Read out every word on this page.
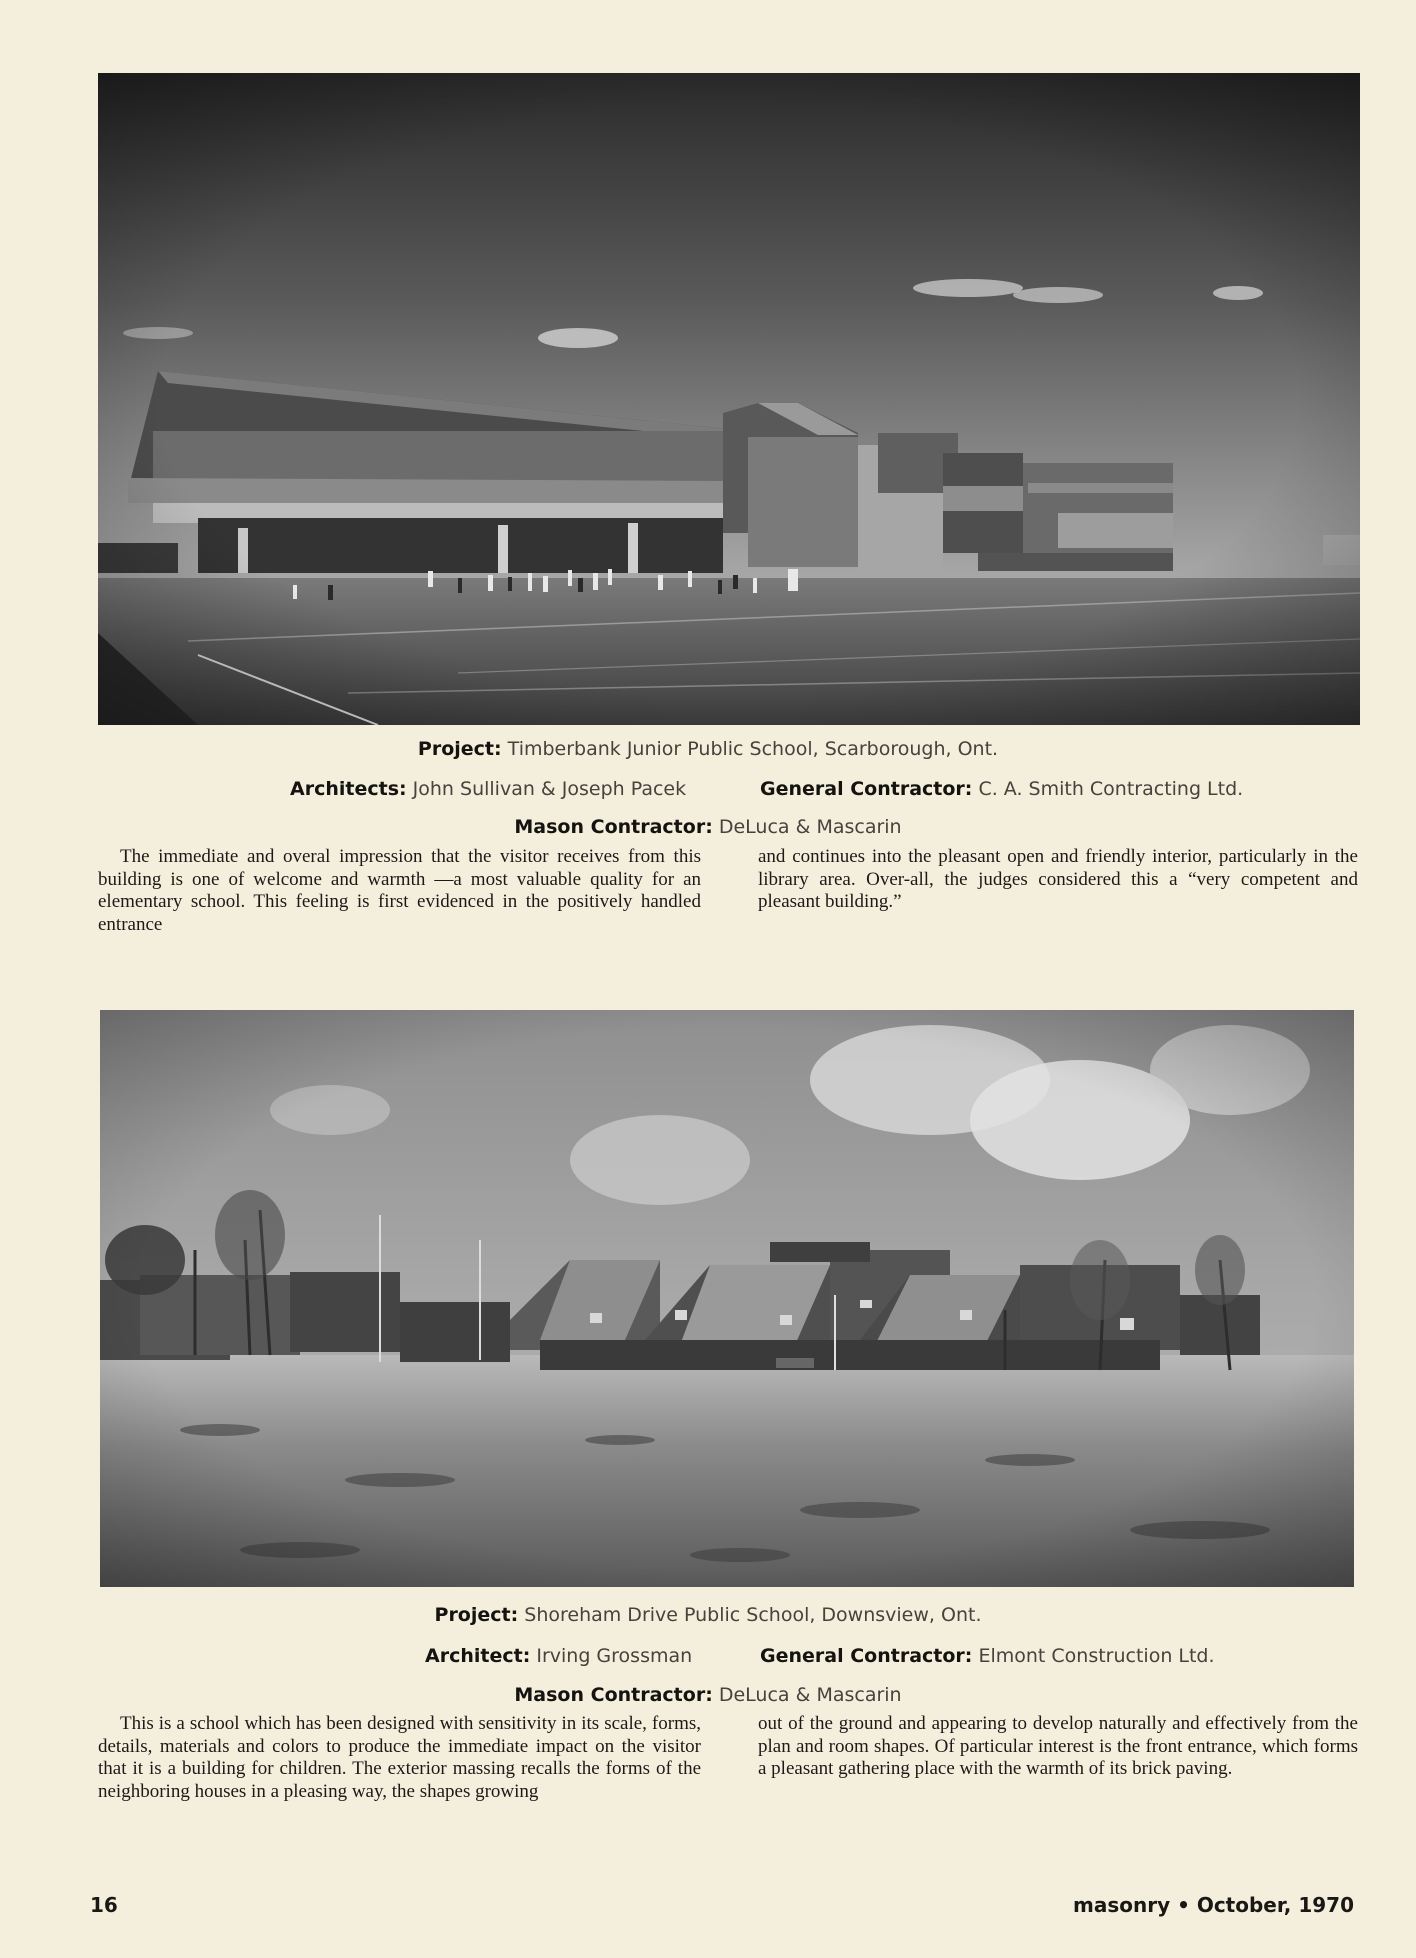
Project: Timberbank Junior Public School, Scarborough, Ont.
Architects: John Sullivan & Joseph Pacek	General Contractor: C. A. Smith Contracting Ltd.
Mason Contractor: DeLuca & Mascarin

The immediate and overal impression that the visitor receives from this building is one of welcome and warmth —a most valuable quality for an elementary school. This feeling is first evidenced in the positively handled entrance

and continues into the pleasant open and friendly interior, particularly in the library area. Over-all, the judges considered this a “very competent and pleasant building.”

Project: Shoreham Drive Public School, Downsview, Ont.
Architect: Irving Grossman	General Contractor: Elmont Construction Ltd.
Mason Contractor: DeLuca & Mascarin

This is a school which has been designed with sensitivity in its scale, forms, details, materials and colors to produce the immediate impact on the visitor that it is a building for children. The exterior massing recalls the forms of the neighboring houses in a pleasing way, the shapes growing

out of the ground and appearing to develop naturally and effectively from the plan and room shapes. Of particular interest is the front entrance, which forms a pleasant gathering place with the warmth of its brick paving.

16	masonry • October, 1970
